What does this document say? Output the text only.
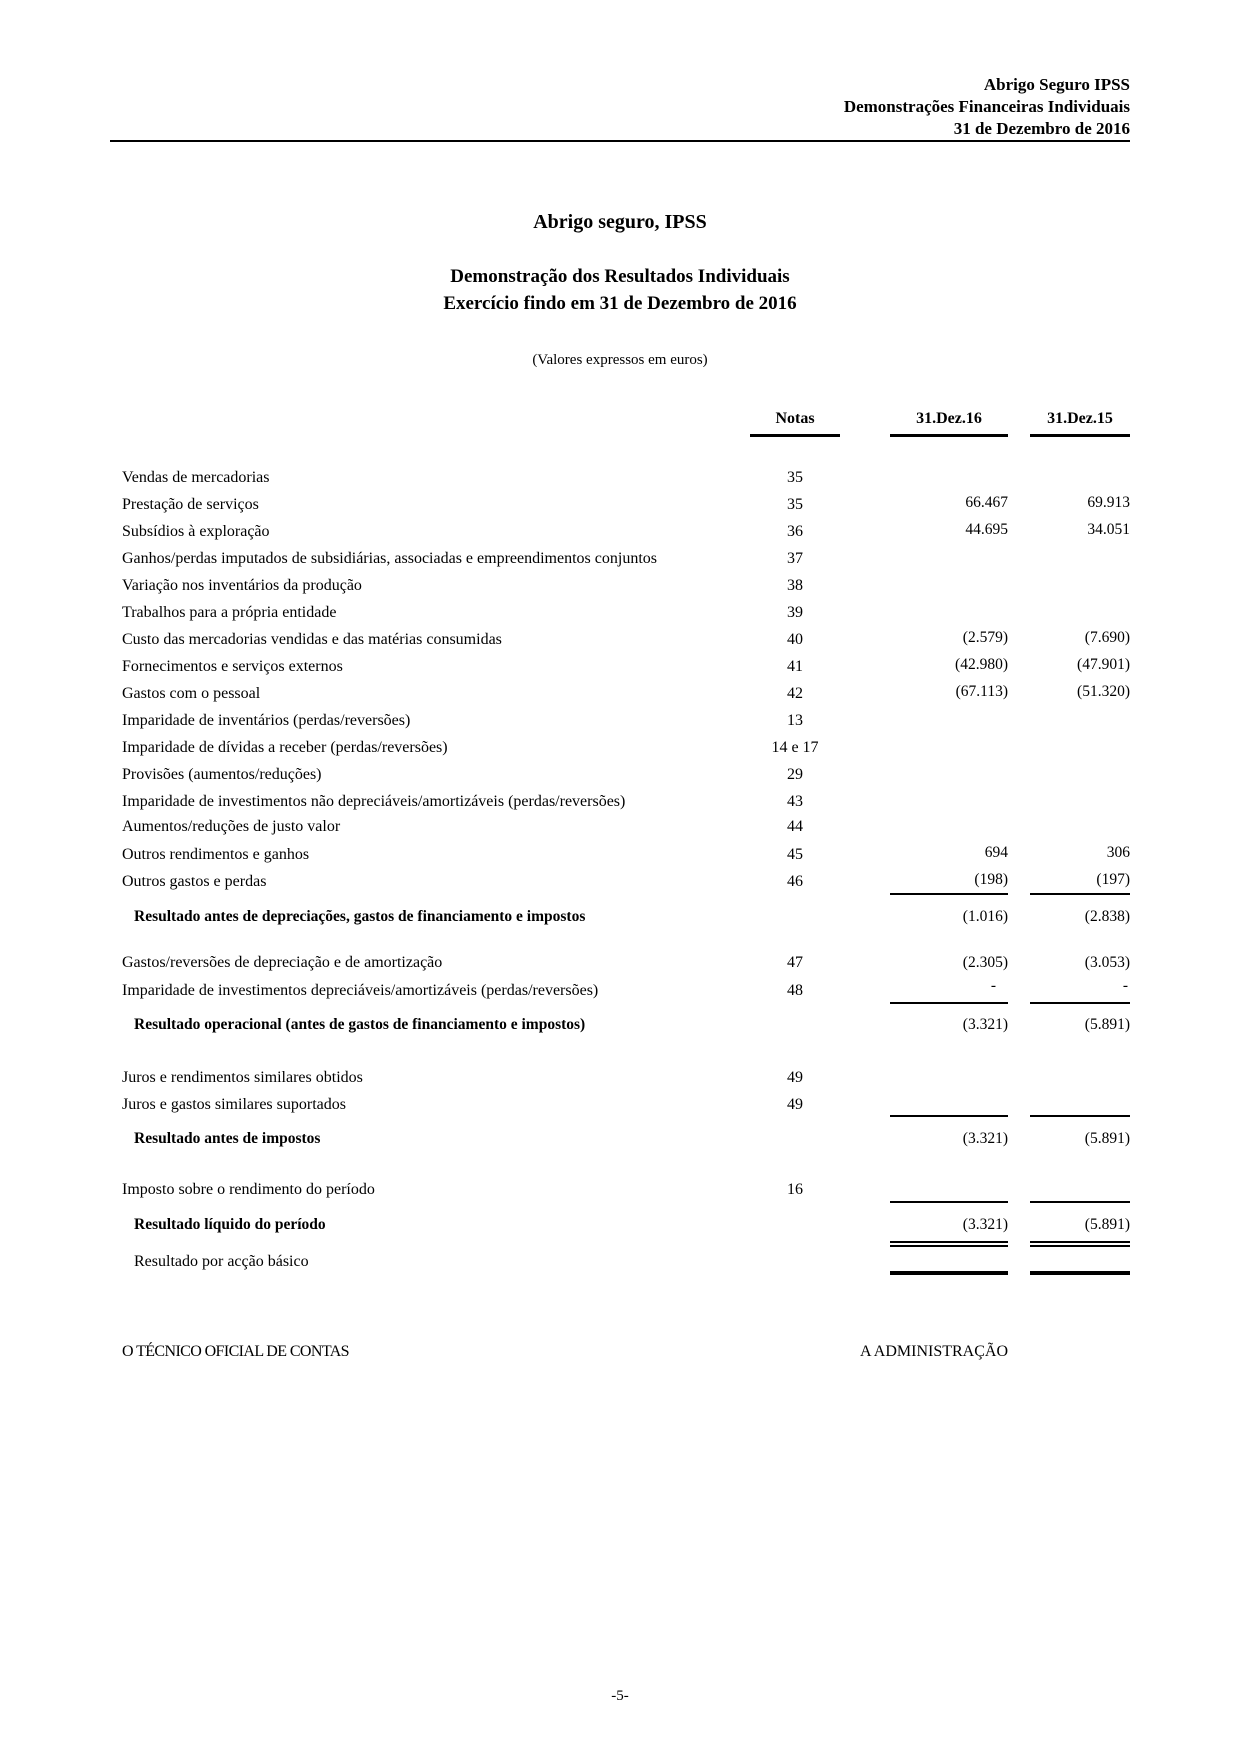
Abrigo Seguro IPSS
Demonstrações Financeiras Individuais
31 de Dezembro de 2016
Abrigo seguro, IPSS
Demonstração dos Resultados Individuais
Exercício findo em 31 de Dezembro de 2016
(Valores expressos em euros)
Notas	31.Dez.16	31.Dez.15
Vendas de mercadorias	35
Prestação de serviços	35	66.467	69.913
Subsídios à exploração	36	44.695	34.051
Ganhos/perdas imputados de subsidiárias, associadas e empreendimentos conjuntos	37
Variação nos inventários da produção	38
Trabalhos para a própria entidade	39
Custo das mercadorias vendidas e das matérias consumidas	40	(2.579)	(7.690)
Fornecimentos e serviços externos	41	(42.980)	(47.901)
Gastos com o pessoal	42	(67.113)	(51.320)
Imparidade de inventários (perdas/reversões)	13
Imparidade de dívidas a receber (perdas/reversões)	14 e 17
Provisões (aumentos/reduções)	29
Imparidade de investimentos não depreciáveis/amortizáveis (perdas/reversões)	43
Aumentos/reduções de justo valor	44
Outros rendimentos e ganhos	45	694	306
Outros gastos e perdas	46	(198)	(197)
Resultado antes de depreciações, gastos de financiamento e impostos	(1.016)	(2.838)
Gastos/reversões de depreciação e de amortização	47	(2.305)	(3.053)
Imparidade de investimentos depreciáveis/amortizáveis (perdas/reversões)	48	-	-
Resultado operacional (antes de gastos de financiamento e impostos)	(3.321)	(5.891)
Juros e rendimentos similares obtidos	49
Juros e gastos similares suportados	49
Resultado antes de impostos	(3.321)	(5.891)
Imposto sobre o rendimento do período	16
Resultado líquido do período	(3.321)	(5.891)
Resultado por acção básico
O TÉCNICO OFICIAL DE CONTAS	A ADMINISTRAÇÃO
-5-
